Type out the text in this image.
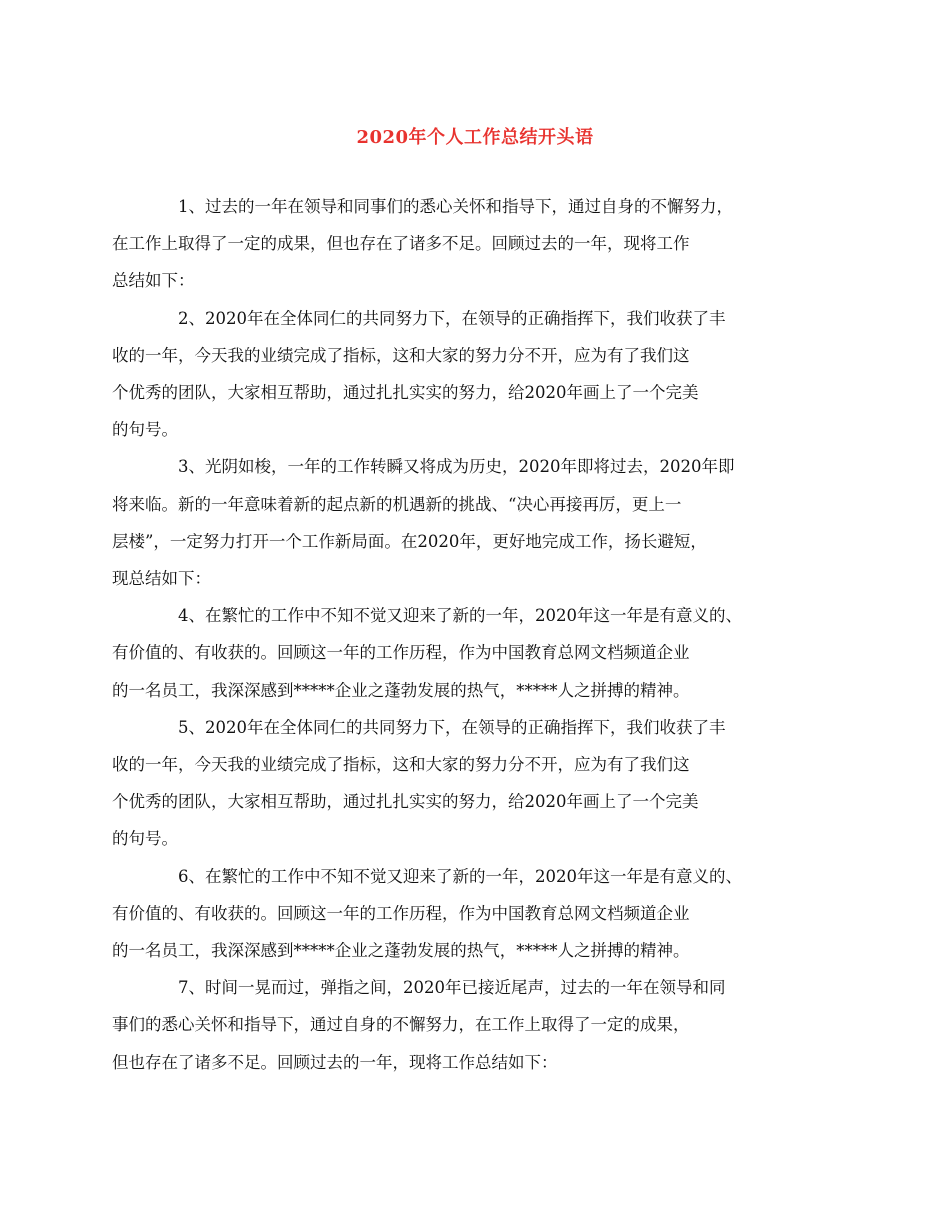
2020年个人工作总结开头语

1、过去的一年在领导和同事们的悉心关怀和指导下，通过自身的不懈努力，
在工作上取得了一定的成果，但也存在了诸多不足。回顾过去的一年，现将工作
总结如下：

2、2020年在全体同仁的共同努力下，在领导的正确指挥下，我们收获了丰
收的一年，今天我的业绩完成了指标，这和大家的努力分不开，应为有了我们这
个优秀的团队，大家相互帮助，通过扎扎实实的努力，给2020年画上了一个完美
的句号。

3、光阴如梭，一年的工作转瞬又将成为历史，2020年即将过去，2020年即
将来临。新的一年意味着新的起点新的机遇新的挑战、“决心再接再厉，更上一
层楼”，一定努力打开一个工作新局面。在2020年，更好地完成工作，扬长避短，
现总结如下：

4、在繁忙的工作中不知不觉又迎来了新的一年，2020年这一年是有意义的、
有价值的、有收获的。回顾这一年的工作历程，作为中国教育总网文档频道企业
的一名员工，我深深感到*****企业之蓬勃发展的热气，*****人之拼搏的精神。

5、2020年在全体同仁的共同努力下，在领导的正确指挥下，我们收获了丰
收的一年，今天我的业绩完成了指标，这和大家的努力分不开，应为有了我们这
个优秀的团队，大家相互帮助，通过扎扎实实的努力，给2020年画上了一个完美
的句号。

6、在繁忙的工作中不知不觉又迎来了新的一年，2020年这一年是有意义的、
有价值的、有收获的。回顾这一年的工作历程，作为中国教育总网文档频道企业
的一名员工，我深深感到*****企业之蓬勃发展的热气，*****人之拼搏的精神。

7、时间一晃而过，弹指之间，2020年已接近尾声，过去的一年在领导和同
事们的悉心关怀和指导下，通过自身的不懈努力，在工作上取得了一定的成果，
但也存在了诸多不足。回顾过去的一年，现将工作总结如下：
